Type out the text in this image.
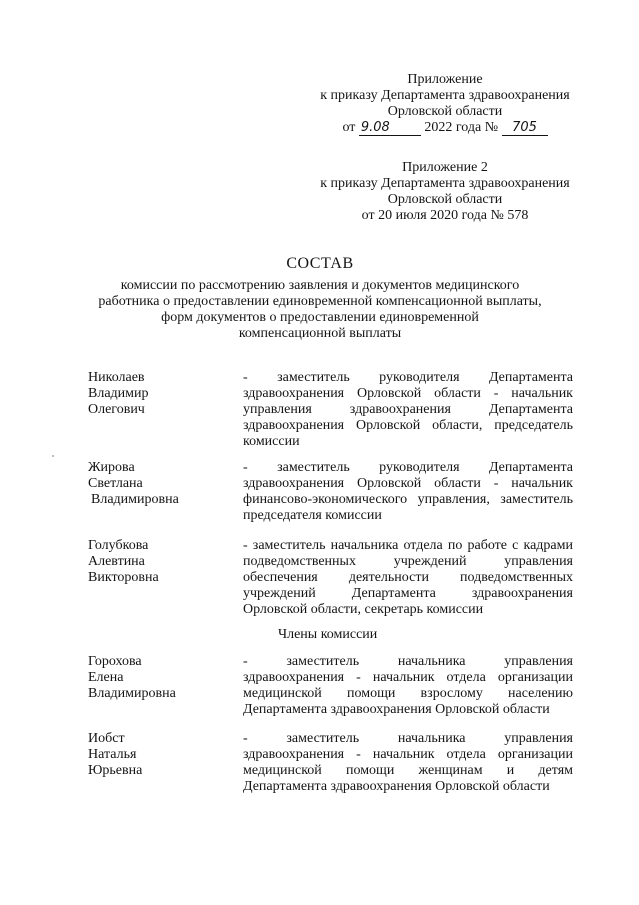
Приложение
к приказу Департамента здравоохранения
Орловской области
от 9.08 2022 года № 705
Приложение 2
к приказу Департамента здравоохранения
Орловской области
от 20 июля 2020 года № 578
СОСТАВ
комиссии по рассмотрению заявления и документов медицинского
работника о предоставлении единовременной компенсационной выплаты,
форм документов о предоставлении единовременной
компенсационной выплаты
Николаев
Владимир
Олегович
- заместитель руководителя Департамента
здравоохранения Орловской области - начальник
управления здравоохранения Департамента
здравоохранения Орловской области, председатель
комиссии
Жирова
Светлана
Владимировна
- заместитель руководителя Департамента
здравоохранения Орловской области - начальник
финансово-экономического управления, заместитель
председателя комиссии
Голубкова
Алевтина
Викторовна
- заместитель начальника отдела по работе с кадрами
подведомственных учреждений управления
обеспечения деятельности подведомственных
учреждений Департамента здравоохранения
Орловской области, секретарь комиссии
Члены комиссии
Горохова
Елена
Владимировна
- заместитель начальника управления
здравоохранения - начальник отдела организации
медицинской помощи взрослому населению
Департамента здравоохранения Орловской области
Иобст
Наталья
Юрьевна
- заместитель начальника управления
здравоохранения - начальник отдела организации
медицинской помощи женщинам и детям
Департамента здравоохранения Орловской области
